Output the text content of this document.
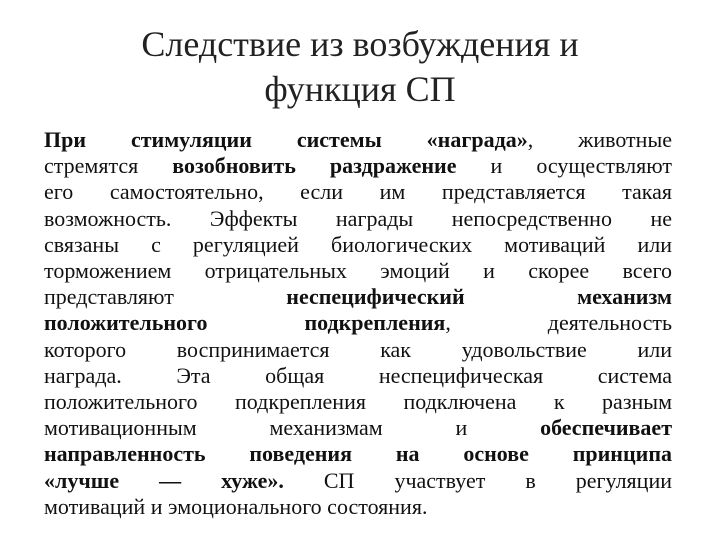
Следствие из возбуждения и
функция СП
При стимуляции системы «награда», животные
стремятся возобновить раздражение и осуществляют
его самостоятельно, если им представляется такая
возможность. Эффекты награды непосредственно не
связаны с регуляцией биологических мотиваций или
торможением отрицательных эмоций и скорее всего
представляют неспецифический механизм
положительного подкрепления, деятельность
которого воспринимается как удовольствие или
награда. Эта общая неспецифическая система
положительного подкрепления подключена к разным
мотивационным механизмам и обеспечивает
направленность поведения на основе принципа
«лучше — хуже». СП участвует в регуляции
мотиваций и эмоционального состояния.
